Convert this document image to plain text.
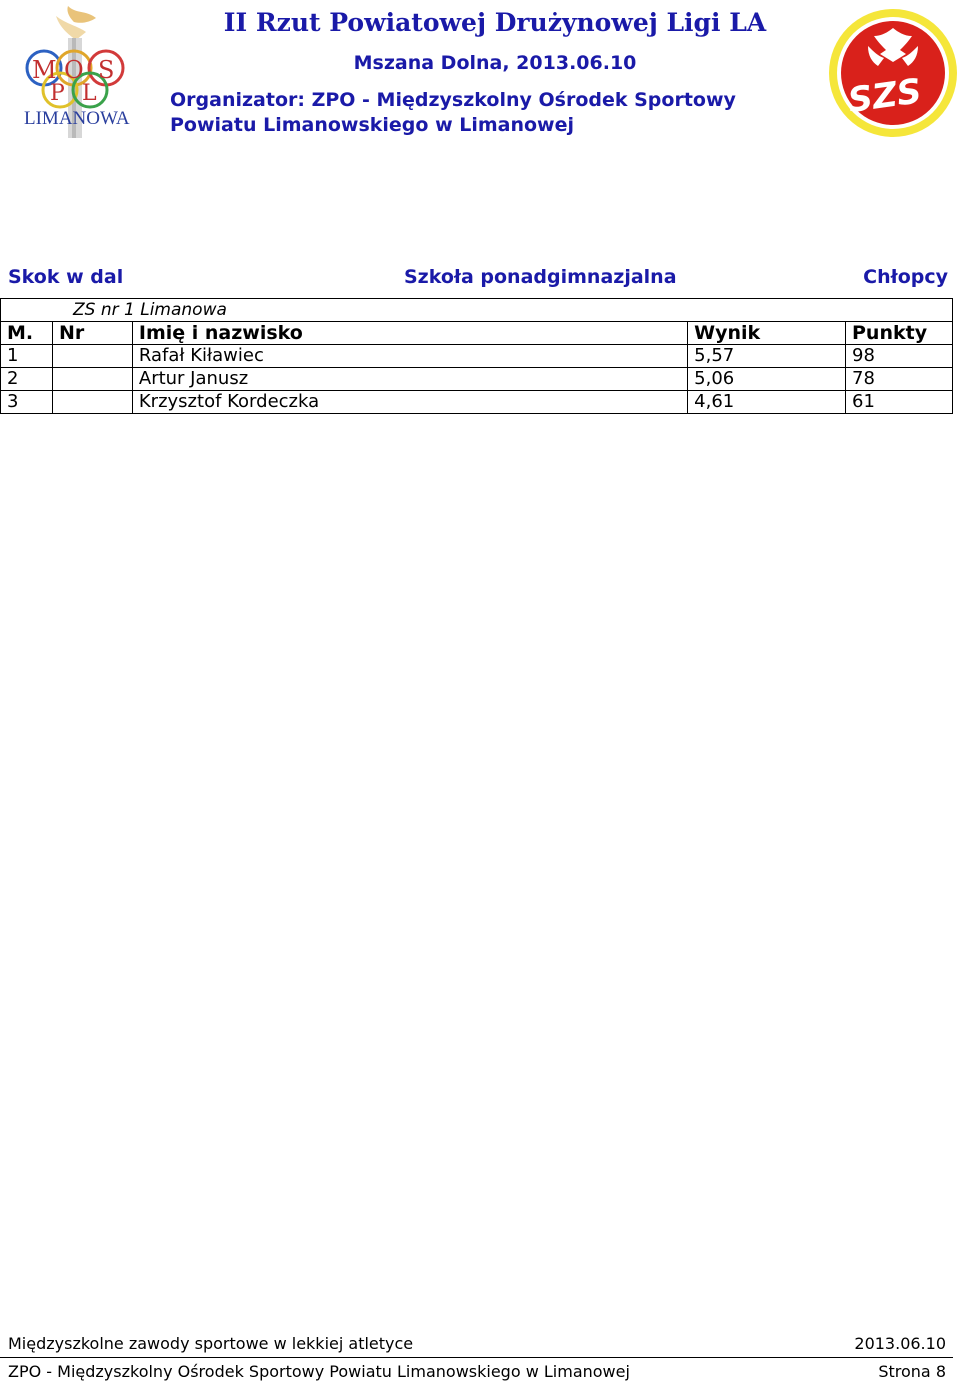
M O S
P L
LIMANOWA	SZS
II Rzut Powiatowej Drużynowej Ligi LA
Mszana Dolna, 2013.06.10
Organizator: ZPO - Międzyszkolny Ośrodek Sportowy
Powiatu Limanowskiego w Limanowej
Skok w dal	Szkoła ponadgimnazjalna	Chłopcy
ZS nr 1 Limanowa				
M.	Nr	Imię i nazwisko	Wynik	Punkty
1		Rafał Kiławiec	5,57	98
2		Artur Janusz	5,06	78
3		Krzysztof Kordeczka	4,61	61
Międzyszkolne zawody sportowe w lekkiej atletyce	2013.06.10
ZPO - Międzyszkolny Ośrodek Sportowy Powiatu Limanowskiego w Limanowej	Strona 8
